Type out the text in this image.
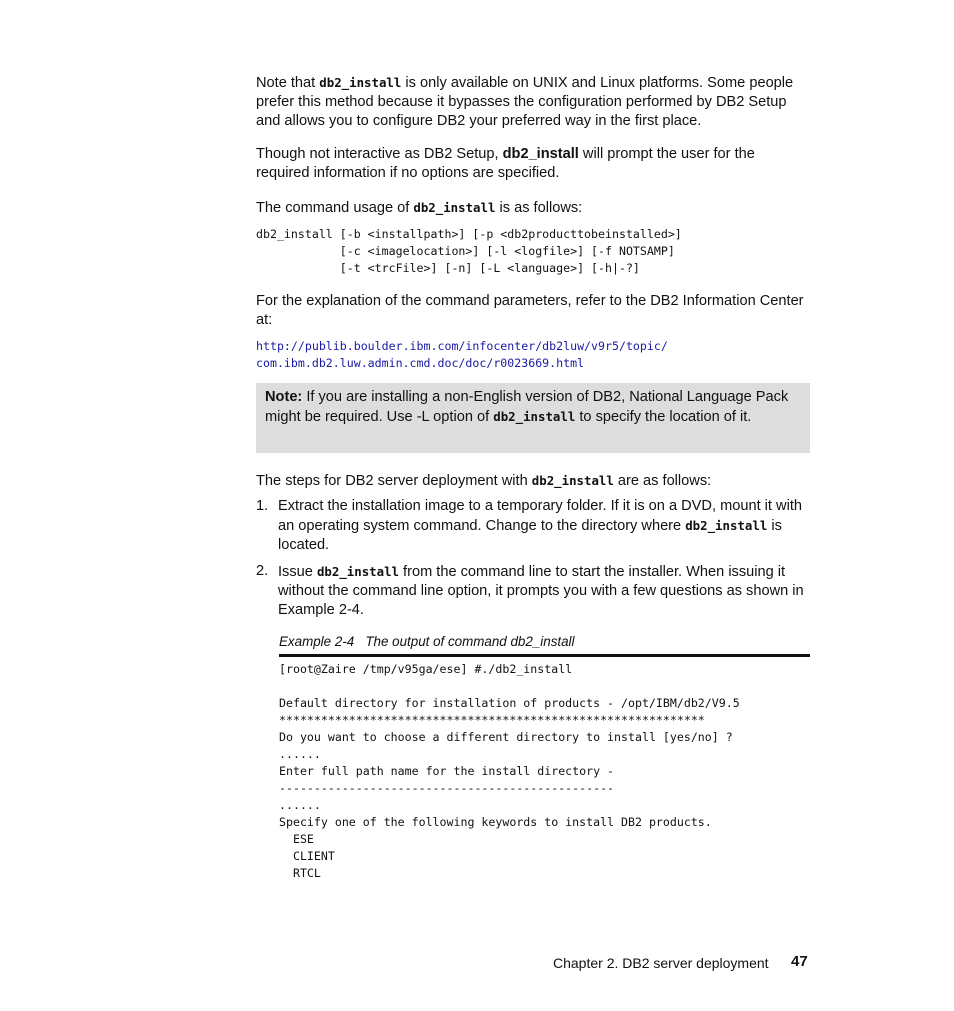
Note that db2_install is only available on UNIX and Linux platforms. Some people prefer this method because it bypasses the configuration performed by DB2 Setup and allows you to configure DB2 your preferred way in the first place.

Though not interactive as DB2 Setup, db2_install will prompt the user for the required information if no options are specified.

The command usage of db2_install is as follows:

db2_install [-b <installpath>] [-p <db2producttobeinstalled>]
[-c <imagelocation>] [-l <logfile>] [-f NOTSAMP]
[-t <trcFile>] [-n] [-L <language>] [-h|-?]

For the explanation of the command parameters, refer to the DB2 Information Center at:

http://publib.boulder.ibm.com/infocenter/db2luw/v9r5/topic/
com.ibm.db2.luw.admin.cmd.doc/doc/r0023669.html

Note: If you are installing a non-English version of DB2, National Language Pack might be required. Use -L option of db2_install to specify the location of it.

The steps for DB2 server deployment with db2_install are as follows:

1. Extract the installation image to a temporary folder. If it is on a DVD, mount it with an operating system command. Change to the directory where db2_install is located.
2. Issue db2_install from the command line to start the installer. When issuing it without the command line option, it prompts you with a few questions as shown in Example 2-4.
Example 2-4   The output of command db2_install
[root@Zaire /tmp/v95ga/ese] #./db2_install

Default directory for installation of products - /opt/IBM/db2/V9.5
*************************************************************
Do you want to choose a different directory to install [yes/no] ?
......
Enter full path name for the install directory -
------------------------------------------------
......
Specify one of the following keywords to install DB2 products.
ESE
CLIENT
RTCL
Chapter 2. DB2 server deployment 47
